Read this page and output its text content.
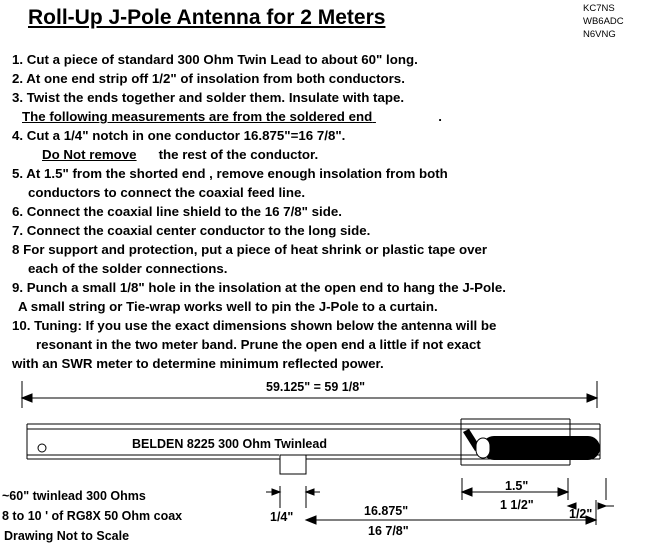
Roll-Up J-Pole Antenna for 2 Meters	KC7NS
WB6ADC
N6VNG
1. Cut a piece of standard 300 Ohm Twin Lead to about 60" long.
2. At one end strip off 1/2" of insolation from both conductors.
3. Twist the ends together and solder them. Insulate with tape.
The following measurements are from the soldered end	.
4. Cut a 1/4" notch in one conductor 16.875"=16 7/8".
Do Not remove the rest of the conductor.
5. At 1.5" from the shorted end , remove enough insolation from both
conductors to connect the coaxial feed line.
6. Connect the coaxial line shield to the 16 7/8" side.
7. Connect the coaxial center conductor to the long side.
8 For support and protection, put a piece of heat shrink or plastic tape over
each of the solder connections.
9. Punch a small 1/8" hole in the insolation at the open end to hang the J-Pole.
A small string or Tie-wrap works well to pin the J-Pole to a curtain.
10. Tuning: If you use the exact dimensions shown below the antenna will be
resonant in the two meter band. Prune the open end a little if not exact
with an SWR meter to determine minimum reflected power.
59.125" = 59 1/8"
BELDEN 8225 300 Ohm Twinlead
1.5"
1 1/2"
1/2"
1/4"	16.875"
16 7/8"
~60" twinlead 300 Ohms
8 to 10 ' of RG8X 50 Ohm coax
Drawing Not to Scale
